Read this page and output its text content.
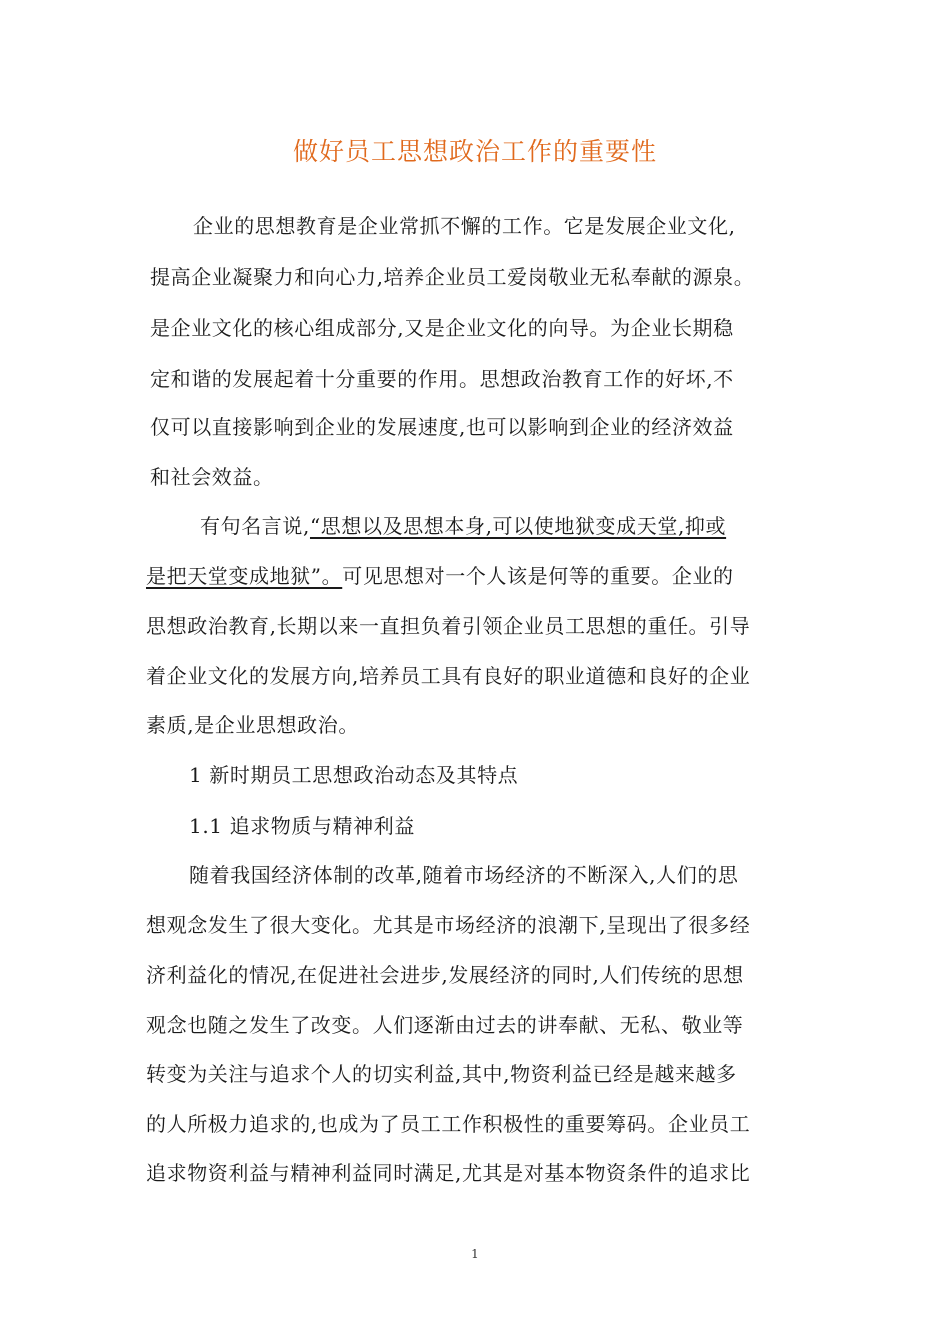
做好员工思想政治工作的重要性
企业的思想教育是企业常抓不懈的工作。它是发展企业文化,
提高企业凝聚力和向心力,培养企业员工爱岗敬业无私奉献的源泉。
是企业文化的核心组成部分,又是企业文化的向导。为企业长期稳
定和谐的发展起着十分重要的作用。思想政治教育工作的好坏,不
仅可以直接影响到企业的发展速度,也可以影响到企业的经济效益
和社会效益。
有句名言说,“思想以及思想本身,可以使地狱变成天堂,抑或
是把天堂变成地狱”。可见思想对一个人该是何等的重要。企业的
思想政治教育,长期以来一直担负着引领企业员工思想的重任。引导
着企业文化的发展方向,培养员工具有良好的职业道德和良好的企业
素质,是企业思想政治。
1 新时期员工思想政治动态及其特点
1.1 追求物质与精神利益
随着我国经济体制的改革,随着市场经济的不断深入,人们的思
想观念发生了很大变化。尤其是市场经济的浪潮下,呈现出了很多经
济利益化的情况,在促进社会进步,发展经济的同时,人们传统的思想
观念也随之发生了改变。人们逐渐由过去的讲奉献、无私、敬业等
转变为关注与追求个人的切实利益,其中,物资利益已经是越来越多
的人所极力追求的,也成为了员工工作积极性的重要筹码。企业员工
追求物资利益与精神利益同时满足,尤其是对基本物资条件的追求比
1
